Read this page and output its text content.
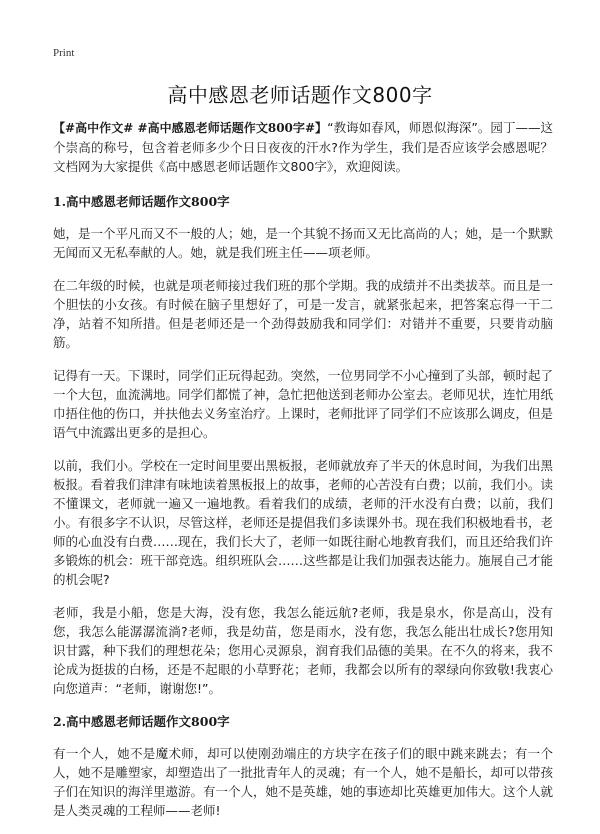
Print
高中感恩老师话题作文800字

【#高中作文# #高中感恩老师话题作文800字#】“教诲如春风，师恩似海深”。园丁——这个崇高的称号，包含着老师多少个日日夜夜的汗水?作为学生，我们是否应该学会感恩呢？文档网为大家提供《高中感恩老师话题作文800字》，欢迎阅读。

1.高中感恩老师话题作文800字

她，是一个平凡而又不一般的人；她，是一个其貌不扬而又无比高尚的人；她，是一个默默无闻而又无私奉献的人。她，就是我们班主任——项老师。

在二年级的时候，也就是项老师接过我们班的那个学期。我的成绩并不出类拔萃。而且是一个胆怯的小女孩。有时候在脑子里想好了，可是一发言，就紧张起来，把答案忘得一干二净，站着不知所措。但是老师还是一个劲得鼓励我和同学们：对错并不重要，只要肯动脑筋。

记得有一天。下课时，同学们正玩得起劲。突然，一位男同学不小心撞到了头部，顿时起了一个大包，血流满地。同学们都慌了神，急忙把他送到老师办公室去。老师见状，连忙用纸巾捂住他的伤口，并扶他去义务室治疗。上课时，老师批评了同学们不应该那么调皮，但是语气中流露出更多的是担心。

以前，我们小。学校在一定时间里要出黑板报，老师就放弃了半天的休息时间，为我们出黑板报。看着我们津津有味地读着黑板报上的故事，老师的心苦没有白费；以前，我们小。读不懂课文，老师就一遍又一遍地教。看着我们的成绩，老师的汗水没有白费；以前，我们小。有很多字不认识，尽管这样，老师还是提倡我们多读课外书。现在我们积极地看书，老师的心血没有白费……现在，我们长大了，老师一如既往耐心地教育我们，而且还给我们许多锻炼的机会：班干部竞选。组织班队会……这些都是让我们加强表达能力。施展自己才能的机会呢?

老师，我是小船，您是大海，没有您，我怎么能远航?老师，我是泉水，你是高山，没有您，我怎么能潺潺流淌?老师，我是幼苗，您是雨水，没有您，我怎么能出壮成长?您用知识甘露，种下我们的理想花朵；您用心灵源泉，润育我们品德的美果。在不久的将来，我不论成为挺拔的白杨，还是不起眼的小草野花；老师，我都会以所有的翠绿向你致敬!我衷心向您道声：“老师，谢谢您!”。

2.高中感恩老师话题作文800字

有一个人，她不是魔术师，却可以使刚劲端庄的方块字在孩子们的眼中跳来跳去；有一个人，她不是雕塑家，却塑造出了一批批青年人的灵魂；有一个人，她不是船长，却可以带孩子们在知识的海洋里遨游。有一个人，她不是英雄，她的事迹却比英雄更加伟大。这个人就是人类灵魂的工程师——老师!
